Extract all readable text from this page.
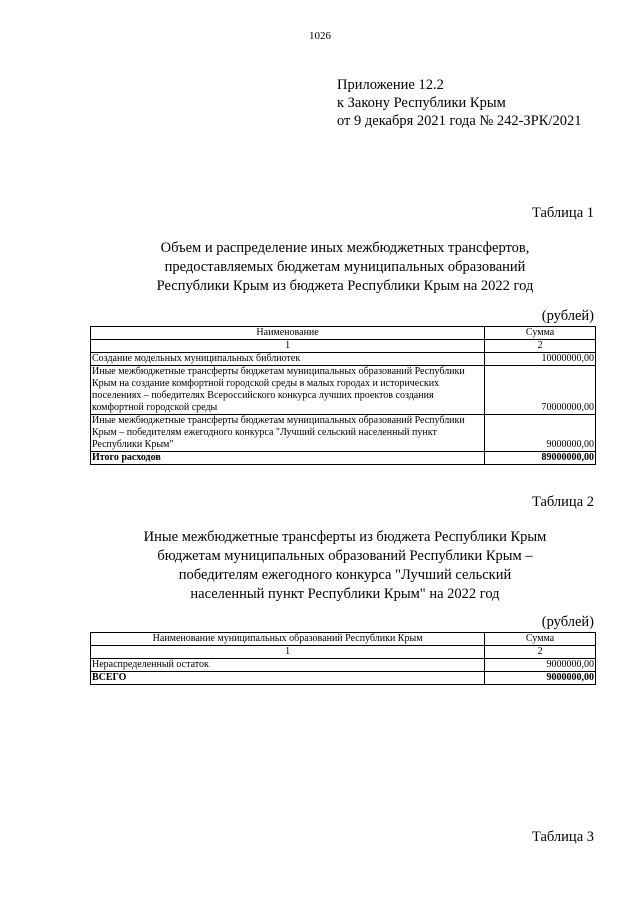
1026
Приложение 12.2
к Закону Республики Крым
от 9 декабря 2021 года № 242-ЗРК/2021
Таблица 1
Объем и распределение иных межбюджетных трансфертов,
предоставляемых бюджетам муниципальных образований
Республики Крым из бюджета Республики Крым на 2022 год
(рублей)
Наименование	Сумма
1	2
Создание модельных муниципальных библиотек	10000000,00
Иные межбюджетные трансферты бюджетам муниципальных образований Республики Крым на создание комфортной городской среды в малых городах и исторических поселениях – победителях Всероссийского конкурса лучших проектов создания комфортной городской среды	70000000,00
Иные межбюджетные трансферты бюджетам муниципальных образований Республики Крым – победителям ежегодного конкурса "Лучший сельский населенный пункт Республики Крым"	9000000,00
Итого расходов	89000000,00
Таблица 2
Иные межбюджетные трансферты из бюджета Республики Крым
бюджетам муниципальных образований Республики Крым –
победителям ежегодного конкурса "Лучший сельский
населенный пункт Республики Крым" на 2022 год
(рублей)
Наименование муниципальных образований Республики Крым	Сумма
1	2
Нераспределенный остаток	9000000,00
ВСЕГО	9000000,00
Таблица 3
